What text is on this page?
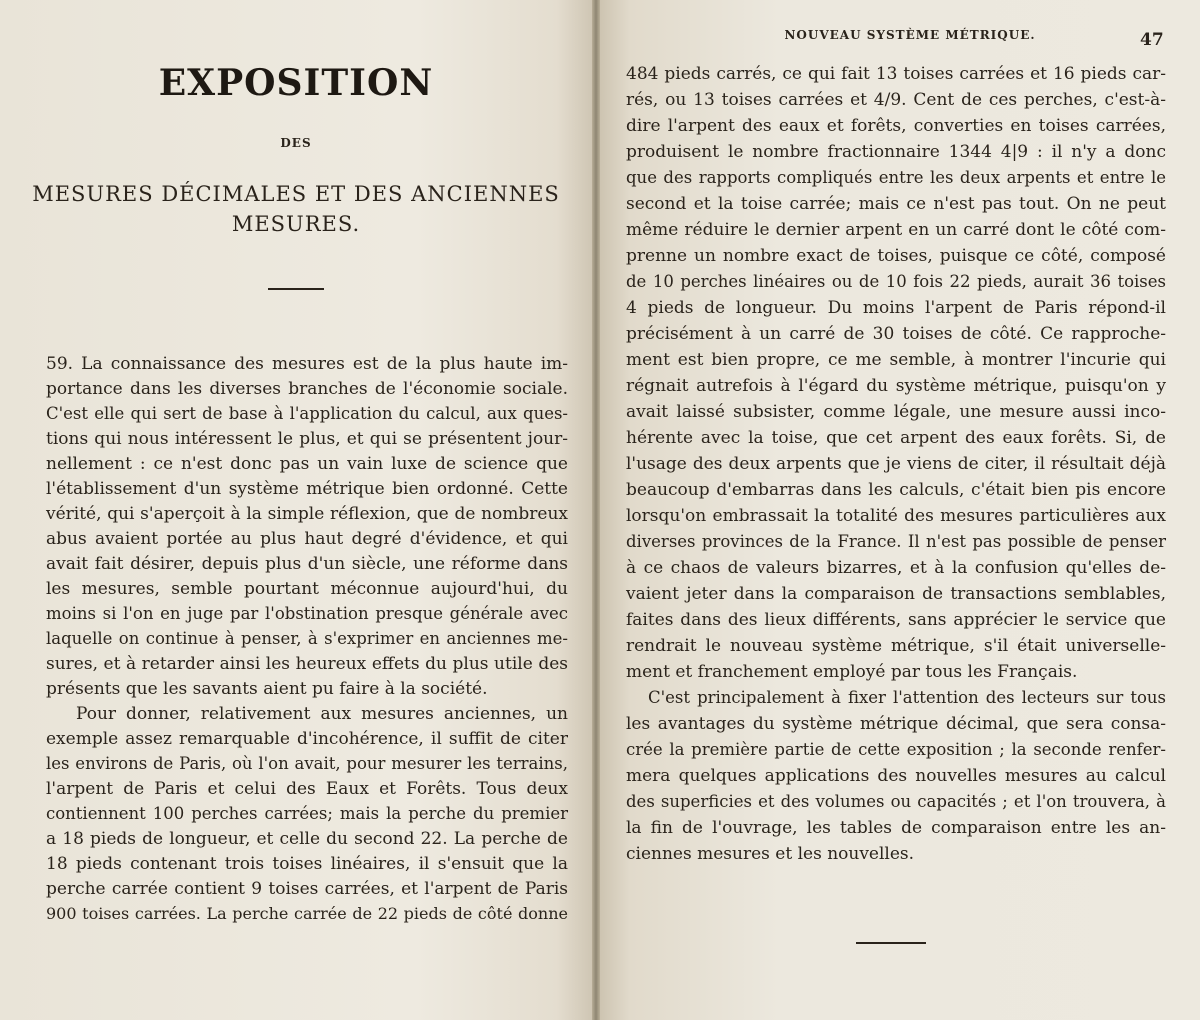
EXPOSITION
DES
MESURES DÉCIMALES ET DES ANCIENNES
MESURES.
59. La connaissance des mesures est de la plus haute im-
portance dans les diverses branches de l'économie sociale.
C'est elle qui sert de base à l'application du calcul, aux ques-
tions qui nous intéressent le plus, et qui se présentent jour-
nellement : ce n'est donc pas un vain luxe de science que
l'établissement d'un système métrique bien ordonné. Cette
vérité, qui s'aperçoit à la simple réflexion, que de nombreux
abus avaient portée au plus haut degré d'évidence, et qui
avait fait désirer, depuis plus d'un siècle, une réforme dans
les mesures, semble pourtant méconnue aujourd'hui, du
moins si l'on en juge par l'obstination presque générale avec
laquelle on continue à penser, à s'exprimer en anciennes me-
sures, et à retarder ainsi les heureux effets du plus utile des
présents que les savants aient pu faire à la société.
Pour donner, relativement aux mesures anciennes, un
exemple assez remarquable d'incohérence, il suffit de citer
les environs de Paris, où l'on avait, pour mesurer les terrains,
l'arpent de Paris et celui des Eaux et Forêts. Tous deux
contiennent 100 perches carrées; mais la perche du premier
a 18 pieds de longueur, et celle du second 22. La perche de
18 pieds contenant trois toises linéaires, il s'ensuit que la
perche carrée contient 9 toises carrées, et l'arpent de Paris
900 toises carrées. La perche carrée de 22 pieds de côté donne
NOUVEAU SYSTÈME MÉTRIQUE.	47
484 pieds carrés, ce qui fait 13 toises carrées et 16 pieds car-
rés, ou 13 toises carrées et 4/9. Cent de ces perches, c'est-à-
dire l'arpent des eaux et forêts, converties en toises carrées,
produisent le nombre fractionnaire 1344 4|9 : il n'y a donc
que des rapports compliqués entre les deux arpents et entre le
second et la toise carrée; mais ce n'est pas tout. On ne peut
même réduire le dernier arpent en un carré dont le côté com-
prenne un nombre exact de toises, puisque ce côté, composé
de 10 perches linéaires ou de 10 fois 22 pieds, aurait 36 toises
4 pieds de longueur. Du moins l'arpent de Paris répond-il
précisément à un carré de 30 toises de côté. Ce rapproche-
ment est bien propre, ce me semble, à montrer l'incurie qui
régnait autrefois à l'égard du système métrique, puisqu'on y
avait laissé subsister, comme légale, une mesure aussi inco-
hérente avec la toise, que cet arpent des eaux forêts. Si, de
l'usage des deux arpents que je viens de citer, il résultait déjà
beaucoup d'embarras dans les calculs, c'était bien pis encore
lorsqu'on embrassait la totalité des mesures particulières aux
diverses provinces de la France. Il n'est pas possible de penser
à ce chaos de valeurs bizarres, et à la confusion qu'elles de-
vaient jeter dans la comparaison de transactions semblables,
faites dans des lieux différents, sans apprécier le service que
rendrait le nouveau système métrique, s'il était universelle-
ment et franchement employé par tous les Français.
C'est principalement à fixer l'attention des lecteurs sur tous
les avantages du système métrique décimal, que sera consa-
crée la première partie de cette exposition ; la seconde renfer-
mera quelques applications des nouvelles mesures au calcul
des superficies et des volumes ou capacités ; et l'on trouvera, à
la fin de l'ouvrage, les tables de comparaison entre les an-
ciennes mesures et les nouvelles.
